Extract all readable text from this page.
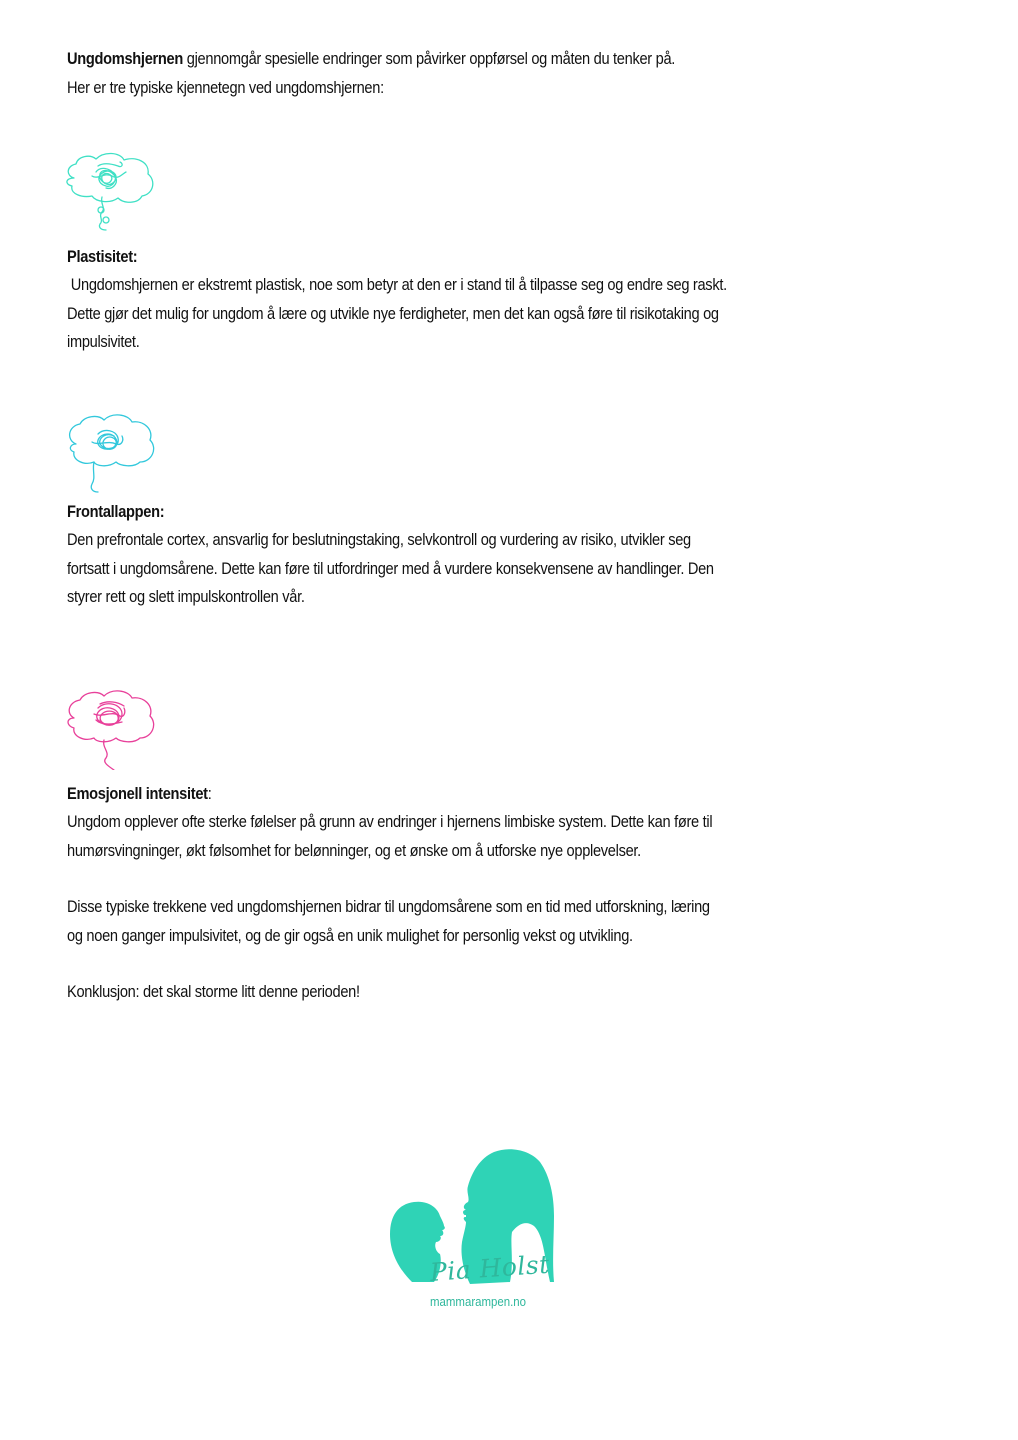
Ungdomshjernen gjennomgår spesielle endringer som påvirker oppførsel og måten du tenker på.
Her er tre typiske kjennetegn ved ungdomshjernen:
Plastisitet:
Ungdomshjernen er ekstremt plastisk, noe som betyr at den er i stand til å tilpasse seg og endre seg raskt.
Dette gjør det mulig for ungdom å lære og utvikle nye ferdigheter, men det kan også føre til risikotaking og
impulsivitet.
Frontallappen:
Den prefrontale cortex, ansvarlig for beslutningstaking, selvkontroll og vurdering av risiko, utvikler seg
fortsatt i ungdomsårene. Dette kan føre til utfordringer med å vurdere konsekvensene av handlinger. Den
styrer rett og slett impulskontrollen vår.
Emosjonell intensitet:
Ungdom opplever ofte sterke følelser på grunn av endringer i hjernens limbiske system. Dette kan føre til
humørsvingninger, økt følsomhet for belønninger, og et ønske om å utforske nye opplevelser.
Disse typiske trekkene ved ungdomshjernen bidrar til ungdomsårene som en tid med utforskning, læring
og noen ganger impulsivitet, og de gir også en unik mulighet for personlig vekst og utvikling.
Konklusjon: det skal storme litt denne perioden!
Pia Holst
mammarampen.no
